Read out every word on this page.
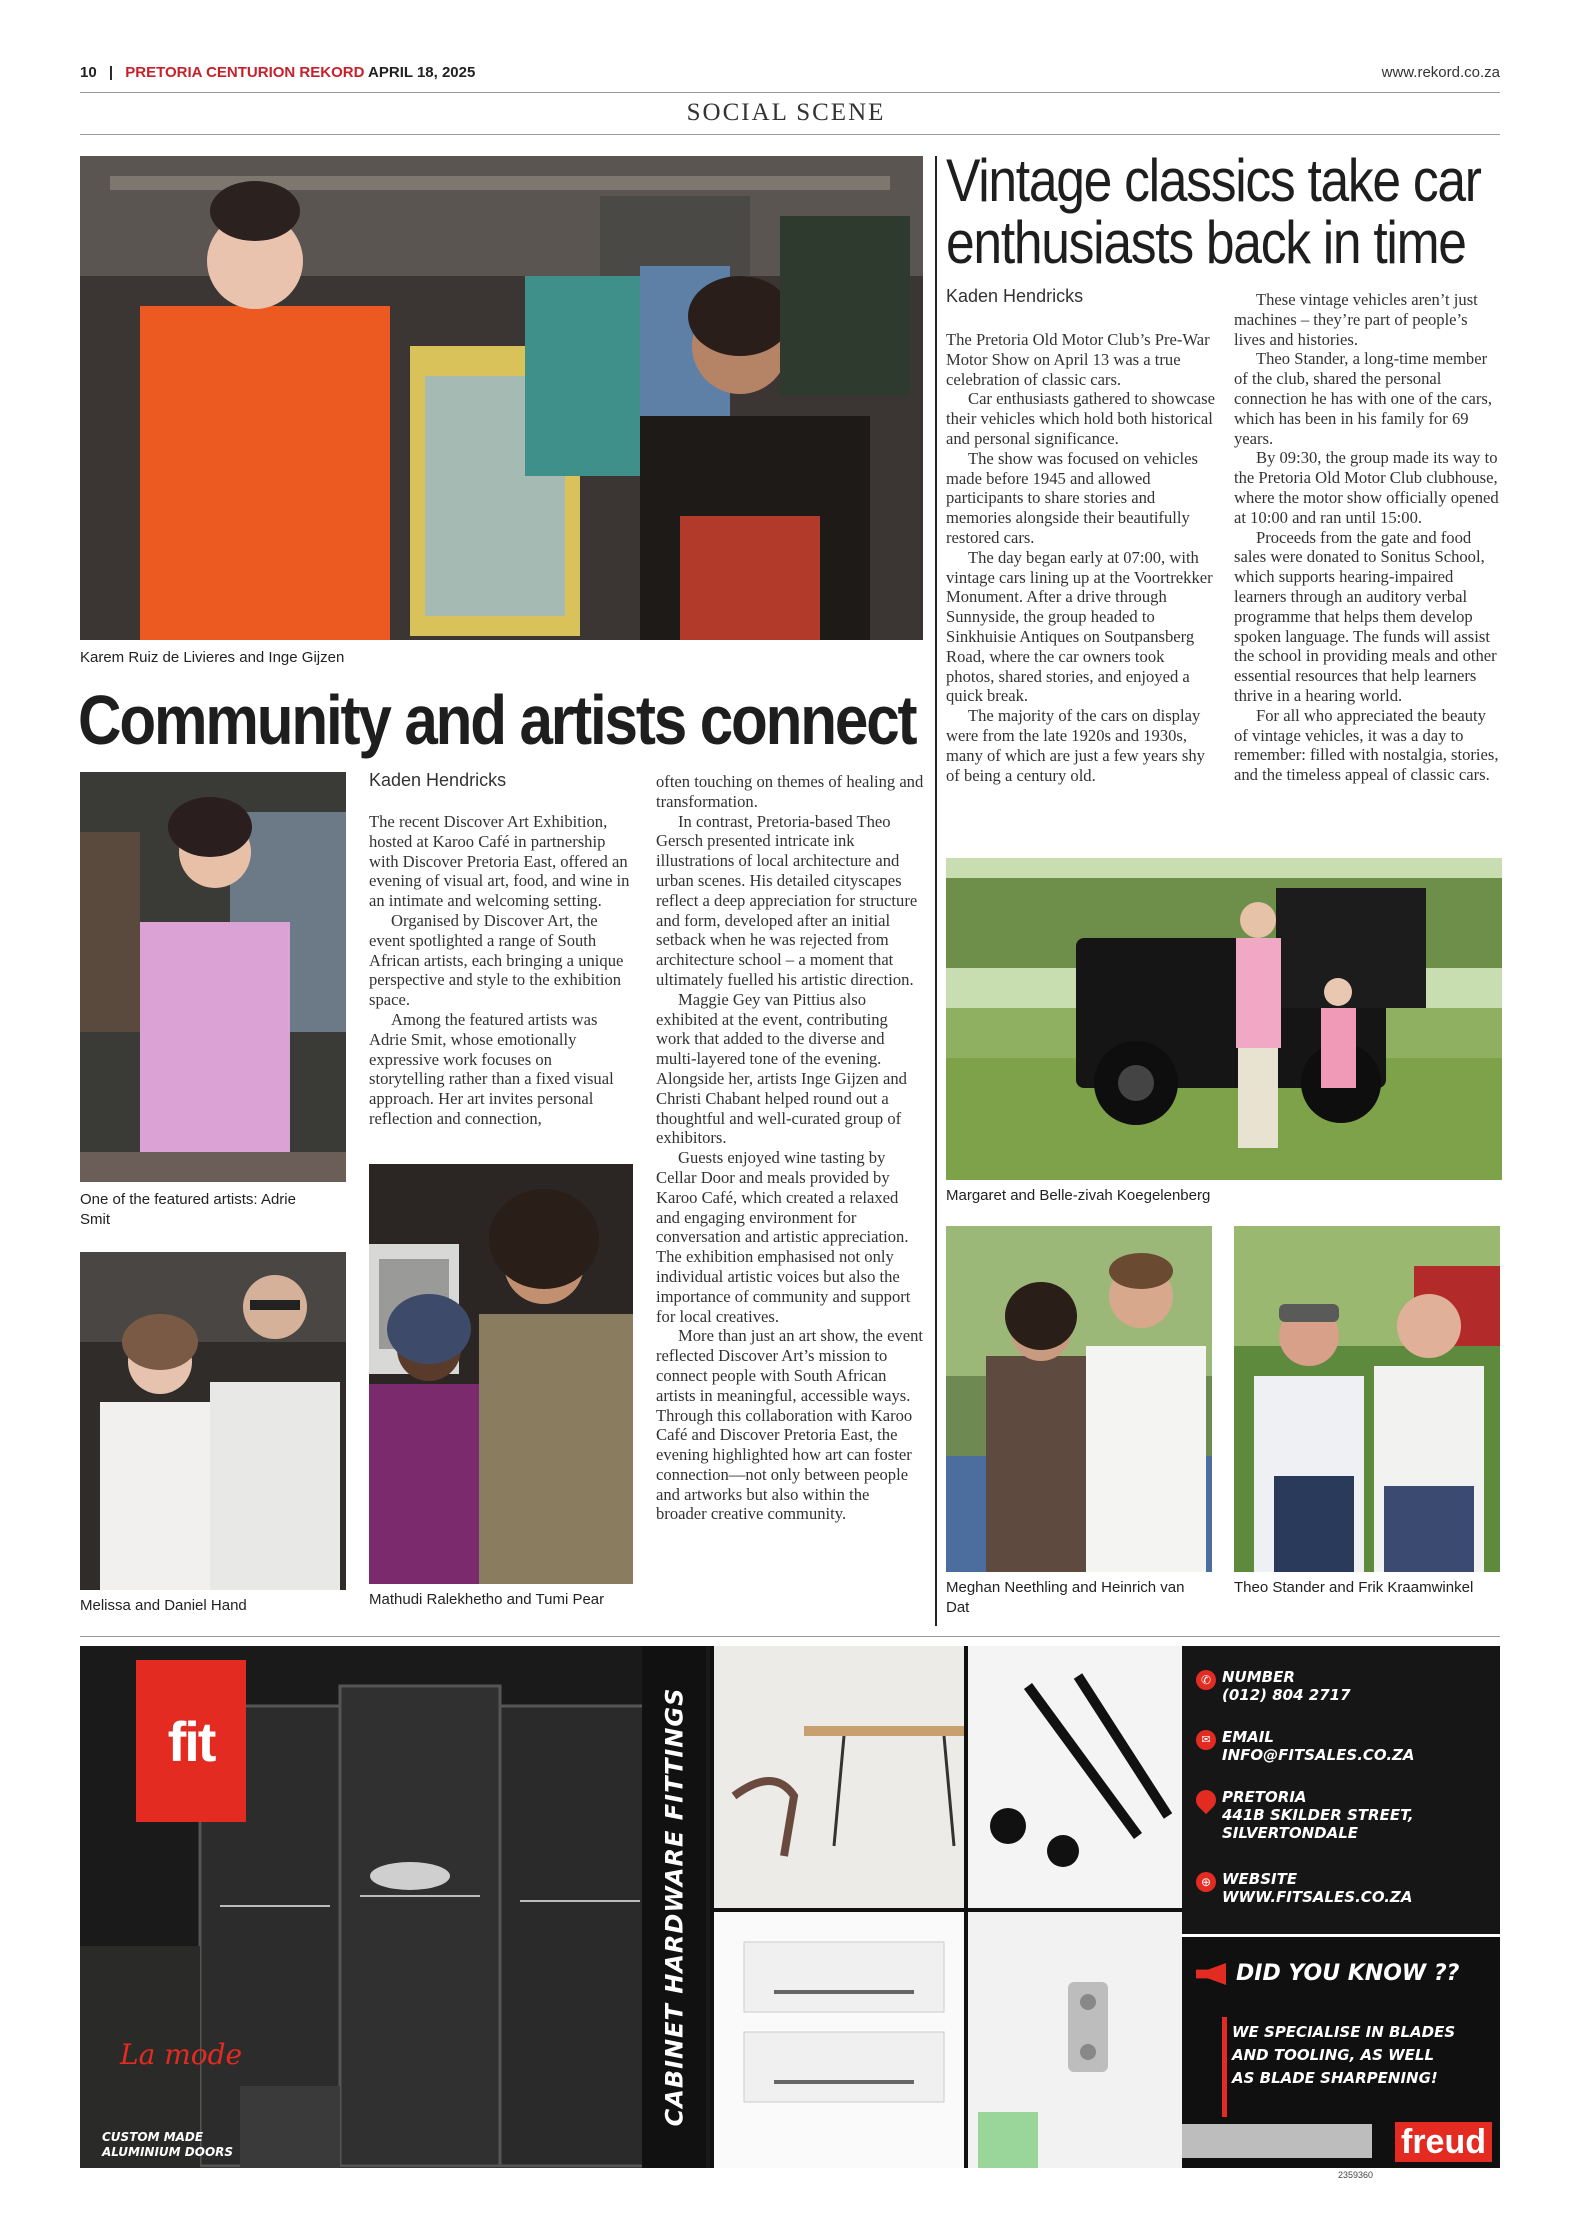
10 | PRETORIA CENTURION REKORD APRIL 18, 2025	www.rekord.co.za
SOCIAL SCENE
Karem Ruiz de Livieres and Inge Gijzen
Community and artists connect
One of the featured artists: Adrie Smit
Melissa and Daniel Hand	Mathudi Ralekhetho and Tumi Pear
Kaden Hendricks

The recent Discover Art Exhibition, hosted at Karoo Café in partnership with Discover Pretoria East, offered an evening of visual art, food, and wine in an intimate and welcoming setting.

Organised by Discover Art, the event spotlighted a range of South African artists, each bringing a unique perspective and style to the exhibition space.

Among the featured artists was Adrie Smit, whose emotionally expressive work focuses on storytelling rather than a fixed visual approach. Her art invites personal reflection and connection,

often touching on themes of healing and transformation.

In contrast, Pretoria-based Theo Gersch presented intricate ink illustrations of local architecture and urban scenes. His detailed cityscapes reflect a deep appreciation for structure and form, developed after an initial setback when he was rejected from architecture school – a moment that ultimately fuelled his artistic direction.

Maggie Gey van Pittius also exhibited at the event, contributing work that added to the diverse and multi-layered tone of the evening. Alongside her, artists Inge Gijzen and Christi Chabant helped round out a thoughtful and well-curated group of exhibitors.

Guests enjoyed wine tasting by Cellar Door and meals provided by Karoo Café, which created a relaxed and engaging environment for conversation and artistic appreciation. The exhibition emphasised not only individual artistic voices but also the importance of community and support for local creatives.

More than just an art show, the event reflected Discover Art’s mission to connect people with South African artists in meaningful, accessible ways. Through this collaboration with Karoo Café and Discover Pretoria East, the evening highlighted how art can foster connection—not only between people and artworks but also within the broader creative community.

Vintage classics take car
enthusiasts back in time
Kaden Hendricks

The Pretoria Old Motor Club’s Pre-War Motor Show on April 13 was a true celebration of classic cars.

Car enthusiasts gathered to showcase their vehicles which hold both historical and personal significance.

The show was focused on vehicles made before 1945 and allowed participants to share stories and memories alongside their beautifully restored cars.

The day began early at 07:00, with vintage cars lining up at the Voortrekker Monument. After a drive through Sunnyside, the group headed to Sinkhuisie Antiques on Soutpansberg Road, where the car owners took photos, shared stories, and enjoyed a quick break.

The majority of the cars on display were from the late 1920s and 1930s, many of which are just a few years shy of being a century old.

These vintage vehicles aren’t just machines – they’re part of people’s lives and histories.

Theo Stander, a long-time member of the club, shared the personal connection he has with one of the cars, which has been in his family for 69 years.

By 09:30, the group made its way to the Pretoria Old Motor Club clubhouse, where the motor show officially opened at 10:00 and ran until 15:00.

Proceeds from the gate and food sales were donated to Sonitus School, which supports hearing-impaired learners through an auditory verbal programme that helps them develop spoken language. The funds will assist the school in providing meals and other essential resources that help learners thrive in a hearing world.

For all who appreciated the beauty of vintage vehicles, it was a day to remember: filled with nostalgia, stories, and the timeless appeal of classic cars.

Margaret and Belle-zivah Koegelenberg
Meghan Neethling and Heinrich van Dat
Theo Stander and Frik Kraamwinkel
fit
La mode
CUSTOM MADE
ALUMINIUM DOORS
CABINET HARDWARE FITTINGS
✆ NUMBER
(012) 804 2717
✉ EMAIL
INFO@FITSALES.CO.ZA
PRETORIA
441B SKILDER STREET,
SILVERTONDALE
⊕ WEBSITE
WWW.FITSALES.CO.ZA
DID YOU KNOW ??
WE SPECIALISE IN BLADES
AND TOOLING, AS WELL
AS BLADE SHARPENING!
freud
2359360
